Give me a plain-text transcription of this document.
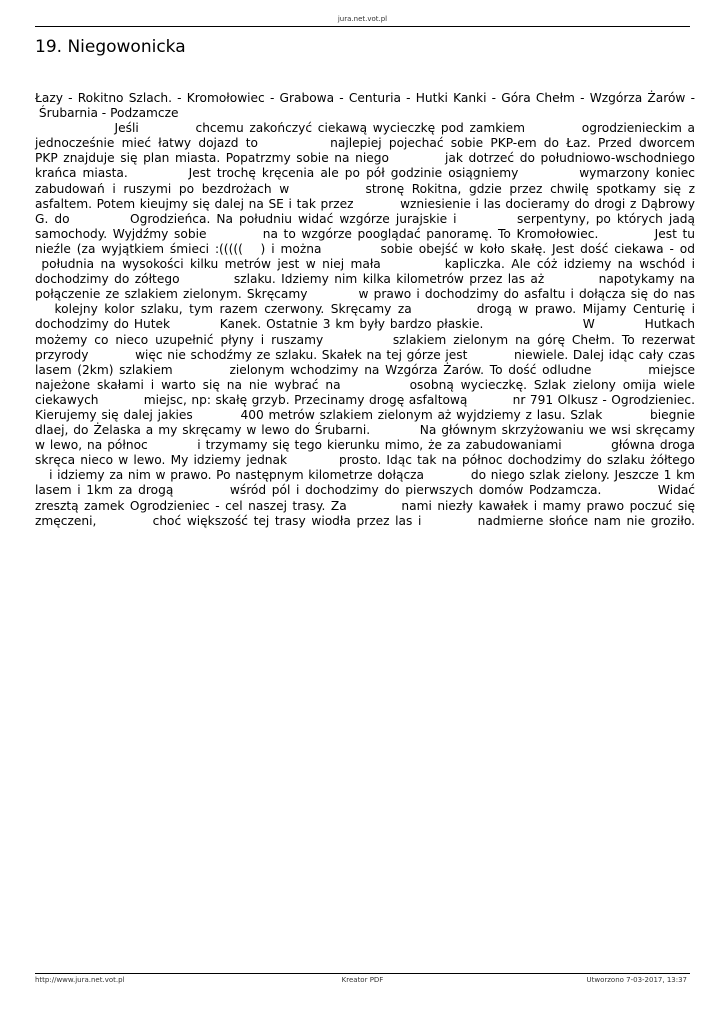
jura.net.vot.pl
19. Niegowonicka
Łazy - Rokitno Szlach. - Kromołowiec - Grabowa - Centuria - Hutki Kanki - Góra Chełm - Wzgórza Żarów -
Śrubarnia - Podzamcze
Jeśli          chcemu zakończyć ciekawą wycieczkę pod zamkiem          ogrodzienieckim a
jednocześnie mieć łatwy dojazd to          najlepiej pojechać sobie PKP-em do Łaz. Przed dworcem
PKP znajduje się plan miasta. Popatrzmy sobie na niego          jak dotrzeć do południowo-wschodniego
krańca miasta.          Jest trochę kręcenia ale po pół godzinie osiągniemy          wymarzony koniec
zabudowań i ruszymi po bezdrożach w          stronę Rokitna, gdzie przez chwilę spotkamy się z
asfaltem. Potem kieujmy się dalej na SE i tak przez          wzniesienie i las docieramy do drogi z Dąbrowy
G. do          Ogrodzieńca. Na południu widać wzgórze jurajskie i          serpentyny, po których jadą
samochody. Wyjdźmy sobie          na to wzgórze pooglądać panoramę. To Kromołowiec.          Jest tu
nieźle (za wyjątkiem śmieci :(((((   ) i można          sobie obejść w koło skałę. Jest dość ciekawa - od
południa na wysokości kilku metrów jest w niej mała          kapliczka. Ale cóż idziemy na wschód i
dochodzimy do zółtego          szlaku. Idziemy nim kilka kilometrów przez las aż          napotykamy na
połączenie ze szlakiem zielonym. Skręcamy          w prawo i dochodzimy do asfaltu i dołącza się do nas
kolejny kolor szlaku, tym razem czerwony. Skręcamy za          drogą w prawo. Mijamy Centurię i
dochodzimy do Hutek          Kanek. Ostatnie 3 km były bardzo płaskie.                    W          Hutkach
możemy co nieco uzupełnić płyny i ruszamy          szlakiem zielonym na górę Chełm. To rezerwat
przyrody          więc nie schodźmy ze szlaku. Skałek na tej górze jest          niewiele. Dalej idąc cały czas
lasem (2km) szlakiem          zielonym wchodzimy na Wzgórza Żarów. To dość odludne          miejsce
najeżone skałami i warto się na nie wybrać na          osobną wycieczkę. Szlak zielony omija wiele
ciekawych          miejsc, np: skałę grzyb. Przecinamy drogę asfaltową          nr 791 Olkusz - Ogrodzieniec.
Kierujemy się dalej jakies          400 metrów szlakiem zielonym aż wyjdziemy z lasu. Szlak          biegnie
dlaej, do Żelaska a my skręcamy w lewo do Śrubarni.          Na głównym skrzyżowaniu we wsi skręcamy
w lewo, na północ          i trzymamy się tego kierunku mimo, że za zabudowaniami          główna droga
skręca nieco w lewo. My idziemy jednak          prosto. Idąc tak na północ dochodzimy do szlaku żółtego
i idziemy za nim w prawo. Po następnym kilometrze dołącza          do niego szlak zielony. Jeszcze 1 km
lasem i 1km za drogą          wśród pól i dochodzimy do pierwszych domów Podzamcza.          Widać
zresztą zamek Ogrodzieniec - cel naszej trasy. Za          nami niezły kawałek i mamy prawo poczuć się
zmęczeni,          choć większość tej trasy wiodła przez las i          nadmierne słońce nam nie groziło.
http://www.jura.net.vot.pl	Kreator PDF	Utworzono 7-03-2017, 13:37
